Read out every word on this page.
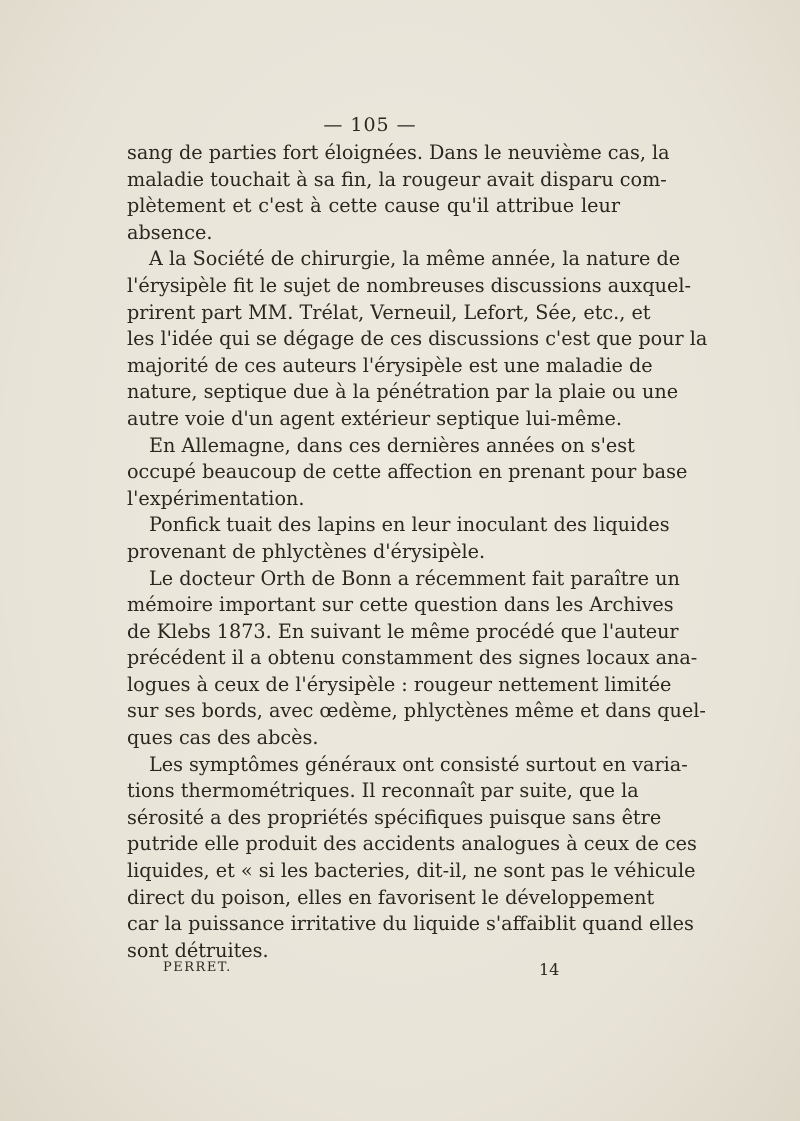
— 105 —

sang de parties fort éloignées. Dans le neuvième cas, la
maladie touchait à sa fin, la rougeur avait disparu com-
plètement et c'est à cette cause qu'il attribue leur
absence.

A la Société de chirurgie, la même année, la nature de
l'érysipèle fit le sujet de nombreuses discussions auxquel-
prirent part MM. Trélat, Verneuil, Lefort, Sée, etc., et
les l'idée qui se dégage de ces discussions c'est que pour la
majorité de ces auteurs l'érysipèle est une maladie de
nature, septique due à la pénétration par la plaie ou une
autre voie d'un agent extérieur septique lui-même.

En Allemagne, dans ces dernières années on s'est
occupé beaucoup de cette affection en prenant pour base
l'expérimentation.

Ponfick tuait des lapins en leur inoculant des liquides
provenant de phlyctènes d'érysipèle.

Le docteur Orth de Bonn a récemment fait paraître un
mémoire important sur cette question dans les Archives
de Klebs 1873. En suivant le même procédé que l'auteur
précédent il a obtenu constamment des signes locaux ana-
logues à ceux de l'érysipèle : rougeur nettement limitée
sur ses bords, avec œdème, phlyctènes même et dans quel-
ques cas des abcès.

Les symptômes généraux ont consisté surtout en varia-
tions thermométriques. Il reconnaît par suite, que la
sérosité a des propriétés spécifiques puisque sans être
putride elle produit des accidents analogues à ceux de ces
liquides, et « si les bacteries, dit-il, ne sont pas le véhicule
direct du poison, elles en favorisent le développement
car la puissance irritative du liquide s'affaiblit quand elles
sont détruites.

PERRET.	14
